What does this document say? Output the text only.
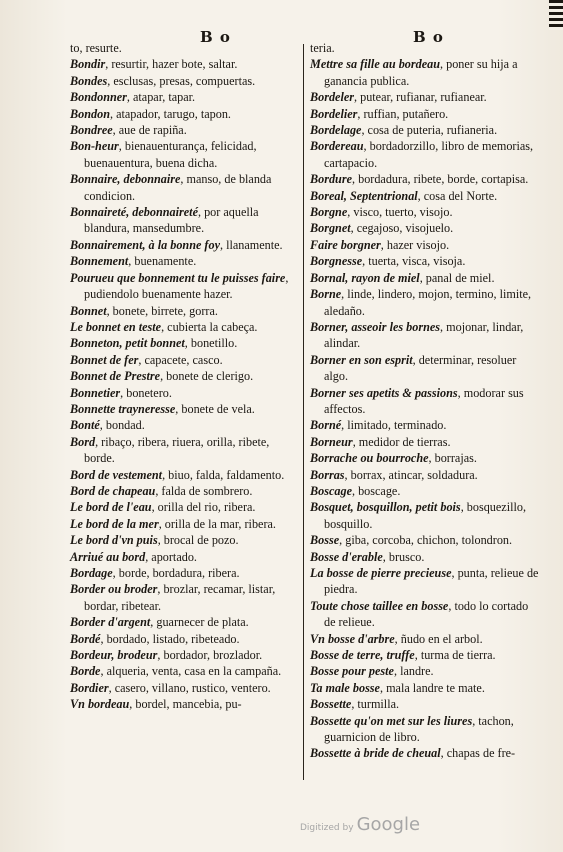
B o	B o
to, resurte.
Bondir, resurtir, hazer bote, saltar.
Bondes, esclusas, presas, compuertas.
Bondonner, atapar, tapar.
Bondon, atapador, tarugo, tapon.
Bondree, aue de rapiña.
Bon-heur, bienauenturança, felicidad, buenauentura, buena dicha.
Bonnaire, debonnaire, manso, de blanda condicion.
Bonnaireté, debonnaireté, por aquella blandura, mansedumbre.
Bonnairement, à la bonne foy, llanamente.
Bonnement, buenamente.
Pourueu que bonnement tu le puisses faire, pudiendolo buenamente hazer.
Bonnet, bonete, birrete, gorra.
Le bonnet en teste, cubierta la cabeça.
Bonneton, petit bonnet, bonetillo.
Bonnet de fer, capacete, casco.
Bonnet de Prestre, bonete de clerigo.
Bonnetier, bonetero.
Bonnette trayneresse, bonete de vela.
Bonté, bondad.
Bord, ribaço, ribera, riuera, orilla, ribete, borde.
Bord de vestement, biuo, falda, faldamento.
Bord de chapeau, falda de sombrero.
Le bord de l'eau, orilla del rio, ribera.
Le bord de la mer, orilla de la mar, ribera.
Le bord d'vn puis, brocal de pozo.
Arriué au bord, aportado.
Bordage, borde, bordadura, ribera.
Border ou broder, brozlar, recamar, listar, bordar, ribetear.
Border d'argent, guarnecer de plata.
Bordé, bordado, listado, ribeteado.
Bordeur, brodeur, bordador, brozlador.
Borde, alqueria, venta, casa en la campaña.
Bordier, casero, villano, rustico, ventero.
Vn bordeau, bordel, mancebia, pu-
teria.
Mettre sa fille au bordeau, poner su hija a ganancia publica.
Bordeler, putear, rufianar, rufianear.
Bordelier, ruffian, putañero.
Bordelage, cosa de puteria, rufianeria.
Bordereau, bordadorzillo, libro de memorias, cartapacio.
Bordure, bordadura, ribete, borde, cortapisa.
Boreal, Septentrional, cosa del Norte.
Borgne, visco, tuerto, visojo.
Borgnet, cegajoso, visojuelo.
Faire borgner, hazer visojo.
Borgnesse, tuerta, visca, visoja.
Bornal, rayon de miel, panal de miel.
Borne, linde, lindero, mojon, termino, limite, aledaño.
Borner, asseoir les bornes, mojonar, lindar, alindar.
Borner en son esprit, determinar, resoluer algo.
Borner ses apetits & passions, modorar sus affectos.
Borné, limitado, terminado.
Borneur, medidor de tierras.
Borrache ou bourroche, borrajas.
Borras, borrax, atincar, soldadura.
Boscage, boscage.
Bosquet, bosquillon, petit bois, bosquezillo, bosquillo.
Bosse, giba, corcoba, chichon, tolondron.
Bosse d'erable, brusco.
La bosse de pierre precieuse, punta, relieue de piedra.
Toute chose taillee en bosse, todo lo cortado de relieue.
Vn bosse d'arbre, ñudo en el arbol.
Bosse de terre, truffe, turma de tierra.
Bosse pour peste, landre.
Ta male bosse, mala landre te mate.
Bossette, turmilla.
Bossette qu'on met sur les liures, tachon, guarnicion de libro.
Bossette à bride de cheual, chapas de fre-
Digitized by Google
